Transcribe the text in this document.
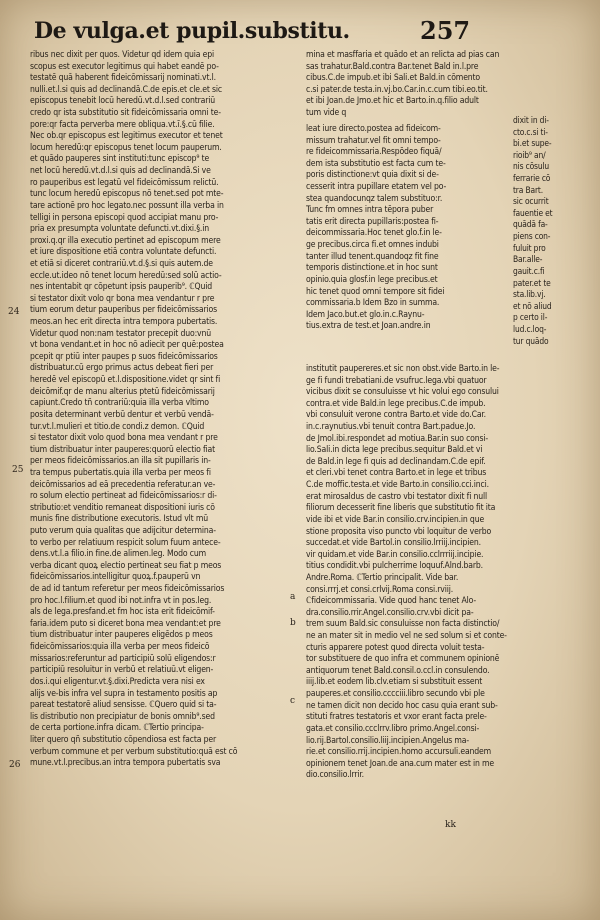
De vulga.et pupil.substitu.	257
ribus nec dixit per quos. Videtur qd idem quia epi
scopus est executor legitimus qui habet eandē po-
testatē quā haberent fideicōmissarij nominati.vt.l.
nulli.et.l.si quis ad declinandā.C.de epis.et cle.et sic
episcopus tenebit locū heredū.vt.d.l.sed contrariū
credo qr ista substitutio sit fideicōmissaria omni te-
pore:qr facta perverba mere obliqua.vt.ī.§.cū filie.
Nec ob.qr episcopus est legitimus executor et tenet
locum heredū:qr episcopus tenet locum pauperum.
et quādo pauperes sint instituti:tunc episcop⁹ te
net locū heredū.vt.d.l.si quis ad declinandā.Si ve
ro pauperibus est legatū vel fideicōmissum relictū.
tunc locum heredū episcopus nō tenet.sed pot mte-
tare actionē pro hoc legato.nec possunt illa verba in
telligi in persona episcopi quod accipiat manu pro-
pria ex presumpta voluntate defuncti.vt.dixi.§.in
proxi.q.qr illa executio pertinet ad episcopum mere
et iure dispositione etiā contra voluntate defuncti.
et etiā si diceret contrariū.vt.d.§.si quis autem.de
eccle.ut.ideo nō tenet locum heredū:sed solū actio-
nes intentabit qr cōpetunt ipsis pauperib⁹. ℂQuid
si testator dixit volo qr bona mea vendantur r pre
tium eorum detur pauperibus per fideicōmissarios
meos.an hec erit directa intra tempora pubertatis.
Videtur quod non:nam testator precepit duo:vnū
vt bona vendant.et in hoc nō adiecit per quē:postea
pcepit qr ptiū inter paupes p suos fideicōmissarios
distribuatur.cū ergo primus actus debeat fieri per
heredē vel episcopū et.l.dispositione.videt qr sint fi
deicōmif.qr de manu alterius ptetū fideicōmissarij
capiunt.Credo tñ contrariū:quia illa verba vltimo
posita determinant verbū dentur et verbū vendā-
tur.vt.l.mulieri et titio.de condi.z demon. ℂQuid
si testator dixit volo quod bona mea vendant r pre
tium distribuatur inter pauperes:quorū electio fiat
per meos fideicōmissarios.an illa sit pupillaris in-
tra tempus pubertatis.quia illa verba per meos fi
deicōmissarios ad eā precedentia referatur.an ve-
ro solum electio pertineat ad fideicōmissarios:r di-
stributio:et venditio remaneat dispositioni iuris cō
munis fine distributione executoris. Istud vlt mū
puto verum quia qualitas que adijcitur determina-
to verbo per relatiuum respicit solum fuum antece-
dens.vt.l.a filio.in fine.de alimen.leg. Modo cum
verba dicant quoꝝ electio pertineat seu fiat p meos
fideicōmissarios.intelligitur quoꝝ.f.pauperū vn
de ad id tantum referetur per meos fideicōmissarios
pro hoc.l.filium.et quod ibi not.infra vt in pos.leg.
als de lega.presfand.et fm hoc ista erit fideicōmif-
faria.idem puto si diceret bona mea vendant:et pre
tium distribuatur inter pauperes eligēdos p meos
fideicōmissarios:quia illa verba per meos fideicō
missarios:referuntur ad participiū solū eligendos:r
participiū resoluitur in verbū et relatiuū.vt eligen-
dos.i.qui eligentur.vt.§.dixi.Predicta vera nisi ex
alijs ve-bis infra vel supra in testamento positis ap
pareat testatorē aliud sensisse. ℂQuero quid si ta-
lis distributio non precipiatur de bonis omnib⁹.sed
de certa portione.infra dicam. ℂTertio principa-
liter quero qñ substitutio cōpendiosa est facta per
verbum commune et per verbum substitutio:quā est cō
mune.vt.l.precibus.an intra tempora pubertatis sva
mina et masffaria et quādo et an relicta ad pias can
sas trahatur.Bald.contra Bar.tenet Bald in.l.pre
cibus.C.de impub.et ibi Sali.et Bald.in cōmento
c.si pater.de testa.in.vj.bo.Car.in.c.cum tibi.eo.tit.
et ibi Joan.de Jmo.et hic et Barto.in.q.filio adult
tum vide q
leat iure directo.postea ad fideicom-
missum trahatur.vel fit omni tempo-
re fideicommissaria.Respōdeo fiquā/
dem ista substitutio est facta cum te-
poris distinctione:vt quia dixit si de-
cesserit intra pupillare etatem vel po-
stea quandocunqz talem substituo:r.
Tunc fm omnes intra tēpora puber
tatis erit directa pupillaris:postea fi-
deicommissaria.Hoc tenet glo.f.in le-
ge precibus.circa fi.et omnes indubi
tanter illud tenent.quandoqz fit fine
temporis distinctione.et in hoc sunt
opinio.quia glosf.in lege precibus.et
hic tenet quod omni tempore sit fidei
commissaria.b Idem Bzo in summa.
Idem Jaco.but.et glo.in.c.Raynu-
tius.extra de test.et Joan.andre.in
dixit in di-
cto.c.si ti-
bi.et supe-
rioib⁹ an/
nis cōsulu
ferrarie cō
tra Bart.
sic ocurrit
fauentie et
quādā fa-
piens con-
fuluit pro
Bar.alle-
gauit.c.fi
pater.et te
sta.lib.vj.
et nō aliud
p certo il-
lud.c.loq-
tur quādo
institutit paupereres.et sic non obst.vide Barto.in le-
ge fi fundi trebatiani.de vsufruc.lega.vbi quatuor
vicibus dixit se consuluisse vt hic volui ego consului
contra.et vide Bald.in lege precibus.C.de impub.
vbi consuluit verone contra Barto.et vide do.Car.
in.c.raynutius.vbi tenuit contra Bart.padue.Jo.
de Jmol.ibi.respondet ad motiua.Bar.in suo consi-
lio.Sali.in dicta lege precibus.sequitur Bald.et vi
de Bald.in lege fi quis ad declinandam.C.de epif.
et cleri.vbi tenet contra Barto.et in lege et tribus
C.de moffic.testa.et vide Barto.in consilio.cci.inci.
erat mirosaldus de castro vbi testator dixit fi null
filiorum decesserit fine liberis que substitutio fit ita
vide ibi et vide Bar.in consilio.crv.incipien.in que
stione proposita viso puncto vbi loquitur de verbo
succedat.et vide Bartol.in consilio.lrriij.incipien.
vir quidam.et vide Bar.in consilio.cclrrriij.incipie.
titius condidit.vbi pulcherrime loquuf.Alnd.barb.
Andre.Roma. ℂTertio principalit. Vide bar.
consi.rrrj.et consi.crlvij.Roma consi.rviij.
ℂfideicommissaria. Vide quod hanc tenet Alo-
dra.consilio.rrir.Angel.consilio.crv.vbi dicit pa-
trem suum Bald.sic consuluisse non facta distinctio/
ne an mater sit in medio vel ne sed solum si et conte-
cturis apparere potest quod directa voluit testa-
tor substituere de quo infra et communem opinionē
antiquorum tenet Bald.consil.o.ccl.in consulendo.
iiij.lib.et eodem lib.clv.etiam si substituit essent
pauperes.et consilio.cccciii.libro secundo vbi ple
ne tamen dicit non decido hoc casu quia erant sub-
stituti fratres testatoris et vxor erant facta prele-
gata.et consilio.ccclrrv.libro primo.Angel.consi-
lio.rij.Bartol.consilio.liij.incipien.Angelus ma-
rie.et consilio.rrij.incipien.homo accursuli.eandem
opinionem tenet Joan.de ana.cum mater est in me
dio.consilio.lrrir.
24
25
26
a
b
c
kk
